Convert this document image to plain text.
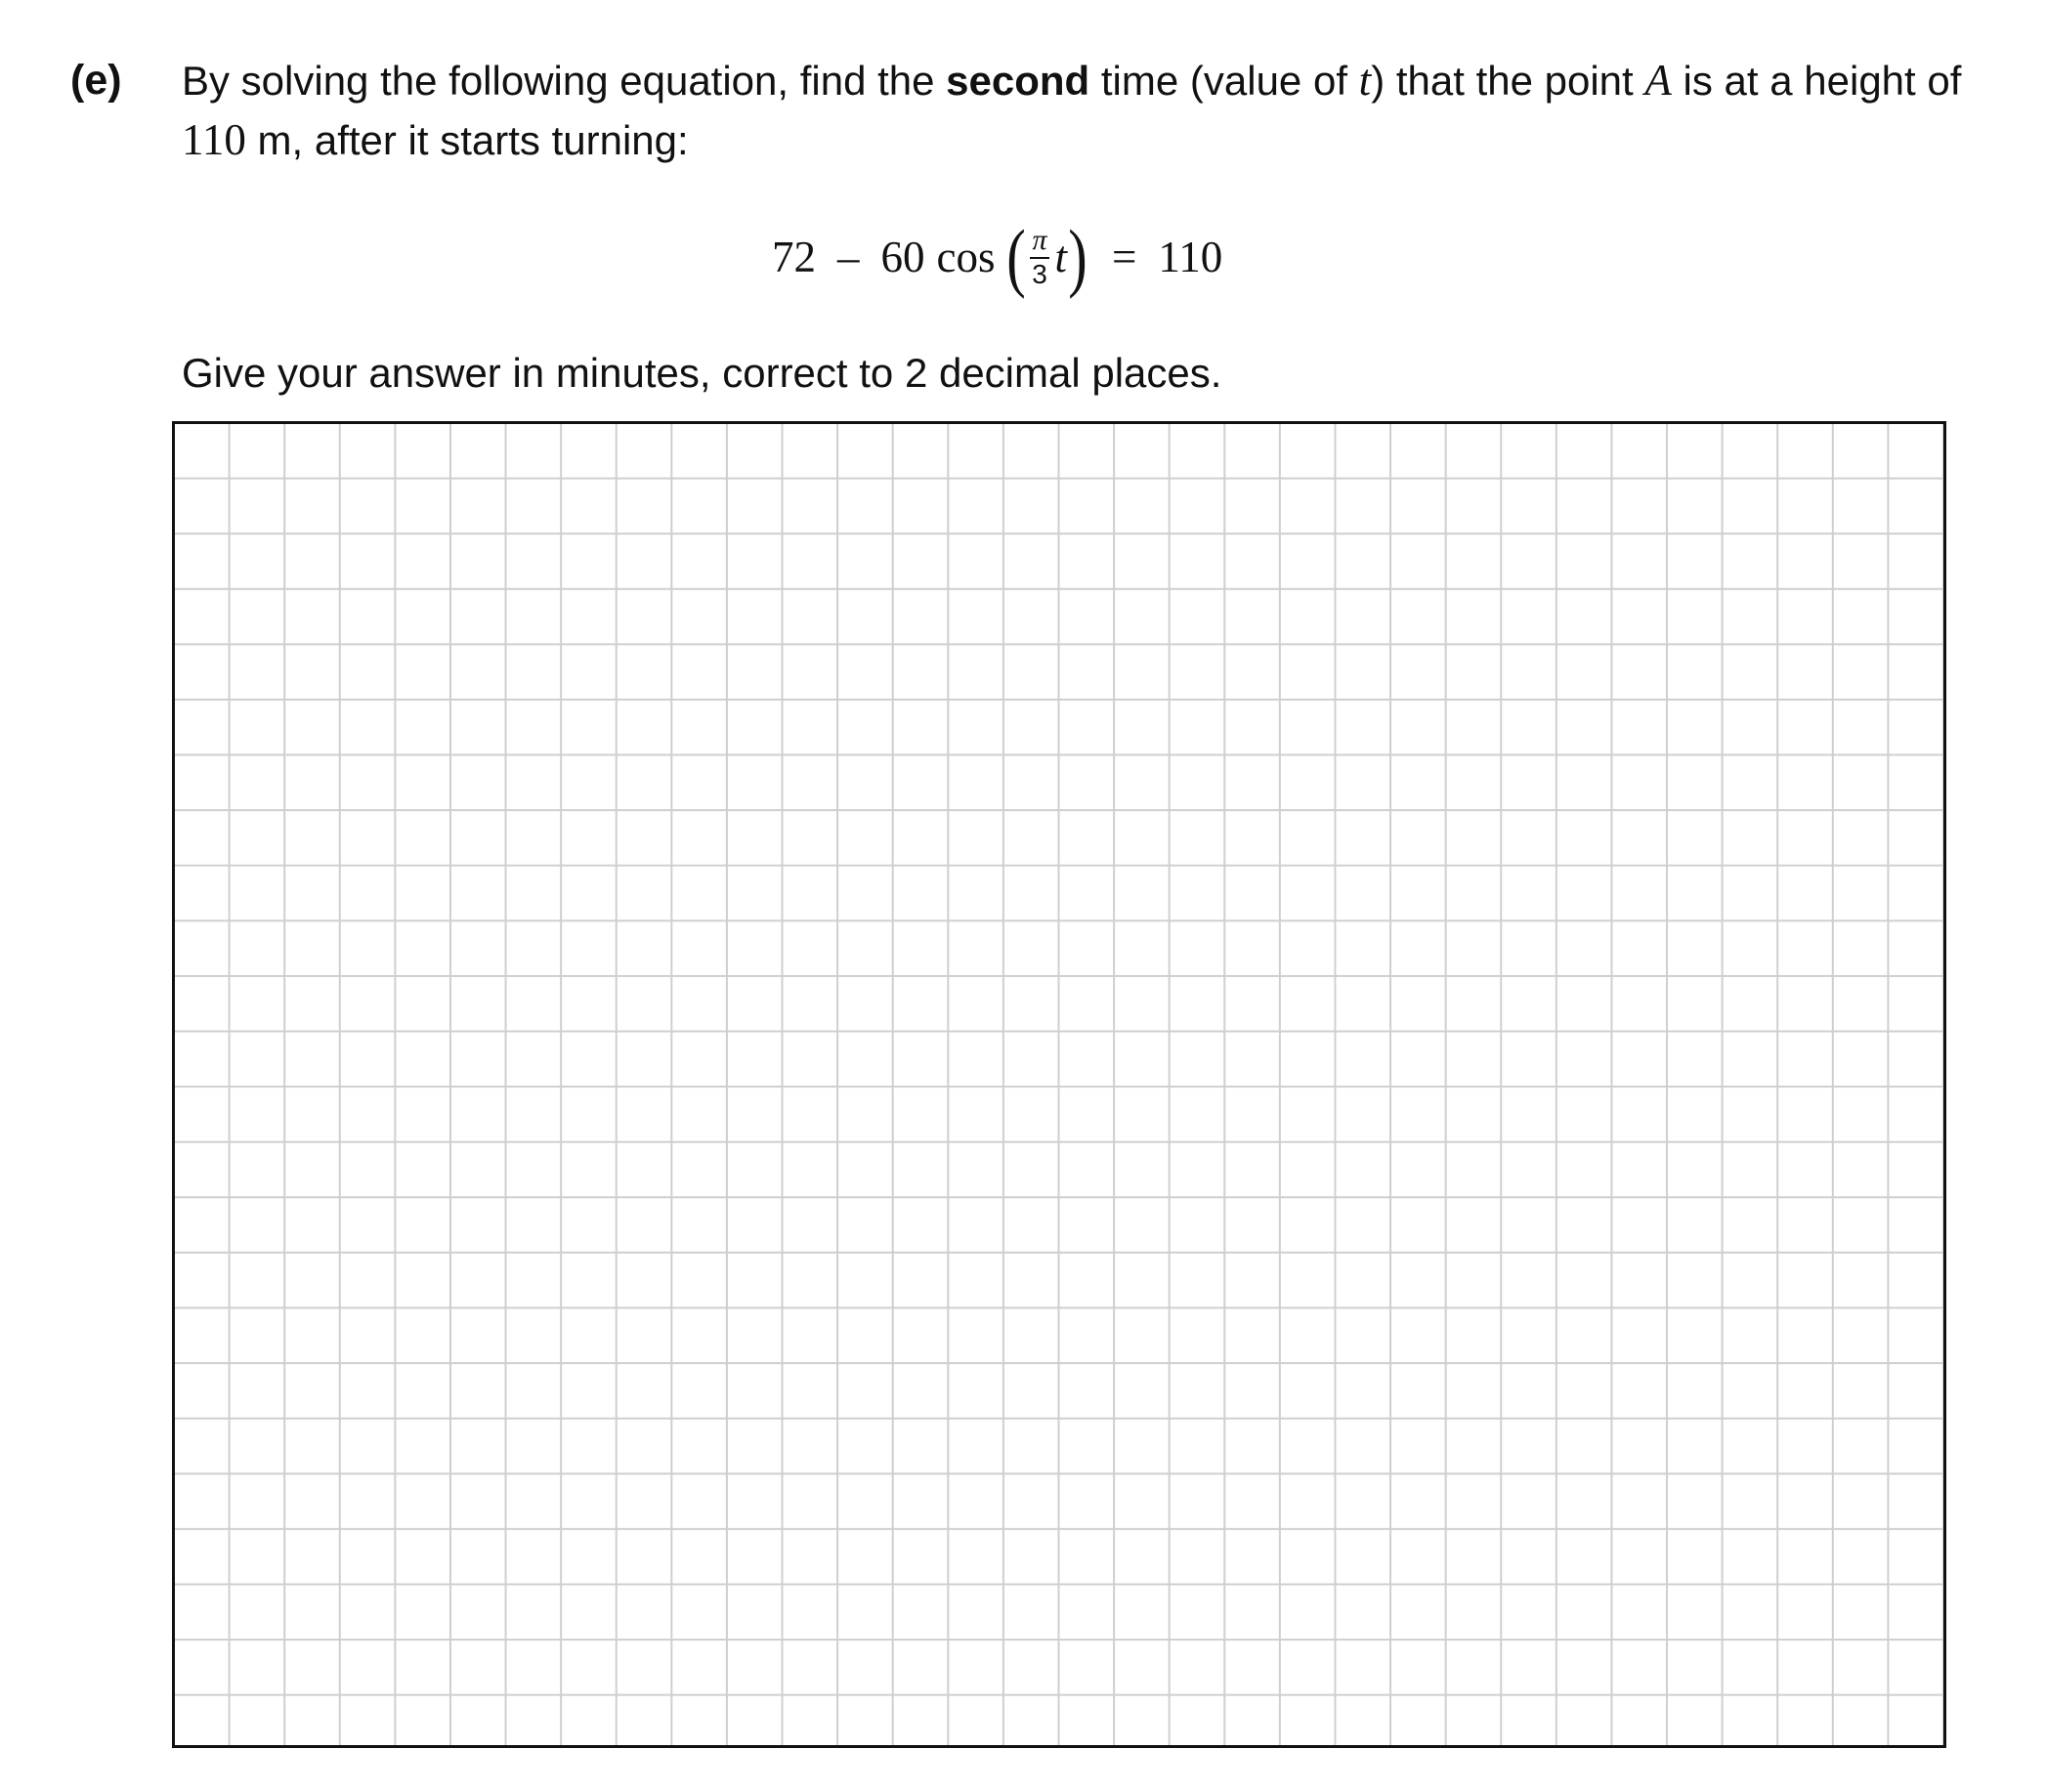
(e) By solving the following equation, find the second time (value of t) that the point A is at a height of 110 m, after it starts turning:
72 – 60 cos ( $\frac{\pi}{3}$ t ) = 110
Give your answer in minutes, correct to 2 decimal places.
